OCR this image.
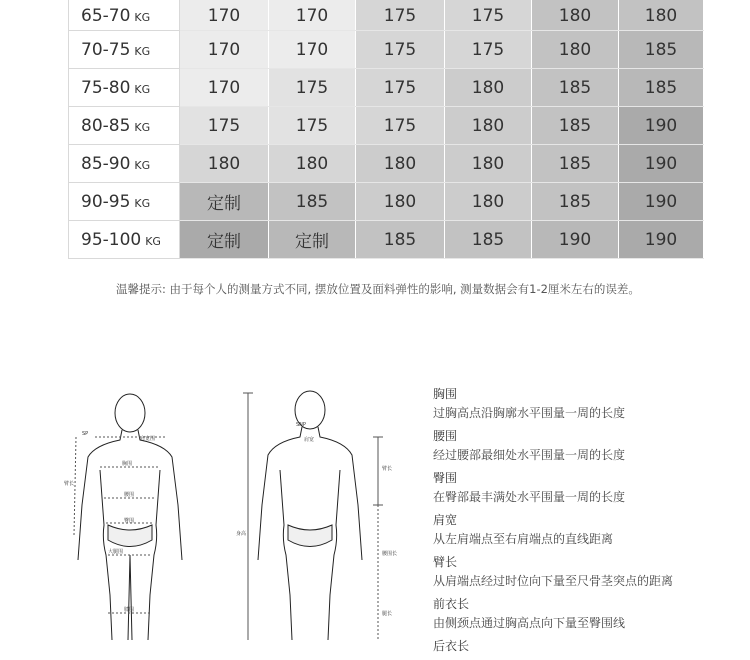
65-70 KG	170	170	175	175	180	180
70-75 KG	170	170	175	175	180	185
75-80 KG	170	175	175	180	185	185
80-85 KG	175	175	175	180	185	190
85-90 KG	180	180	180	180	185	190
90-95 KG	定制	185	180	180	185	190
95-100 KG	定制	定制	185	185	190	190
温馨提示: 由于每个人的测量方式不同, 摆放位置及面料弹性的影响, 测量数据会有1-2厘米左右的误差。
肩宽围
胸围
腰围
臀围
大腿围
膝围
臂长
SP
肩宽
SNP
臂长
身高
腰围长
腿长
胸围
过胸高点沿胸廓水平围量一周的长度
腰围
经过腰部最细处水平围量一周的长度
臀围
在臀部最丰满处水平围量一周的长度
肩宽
从左肩端点至右肩端点的直线距离
臂长
从肩端点经过时位向下量至尺骨茎突点的距离
前衣长
由侧颈点通过胸高点向下量至臀围线
后衣长
